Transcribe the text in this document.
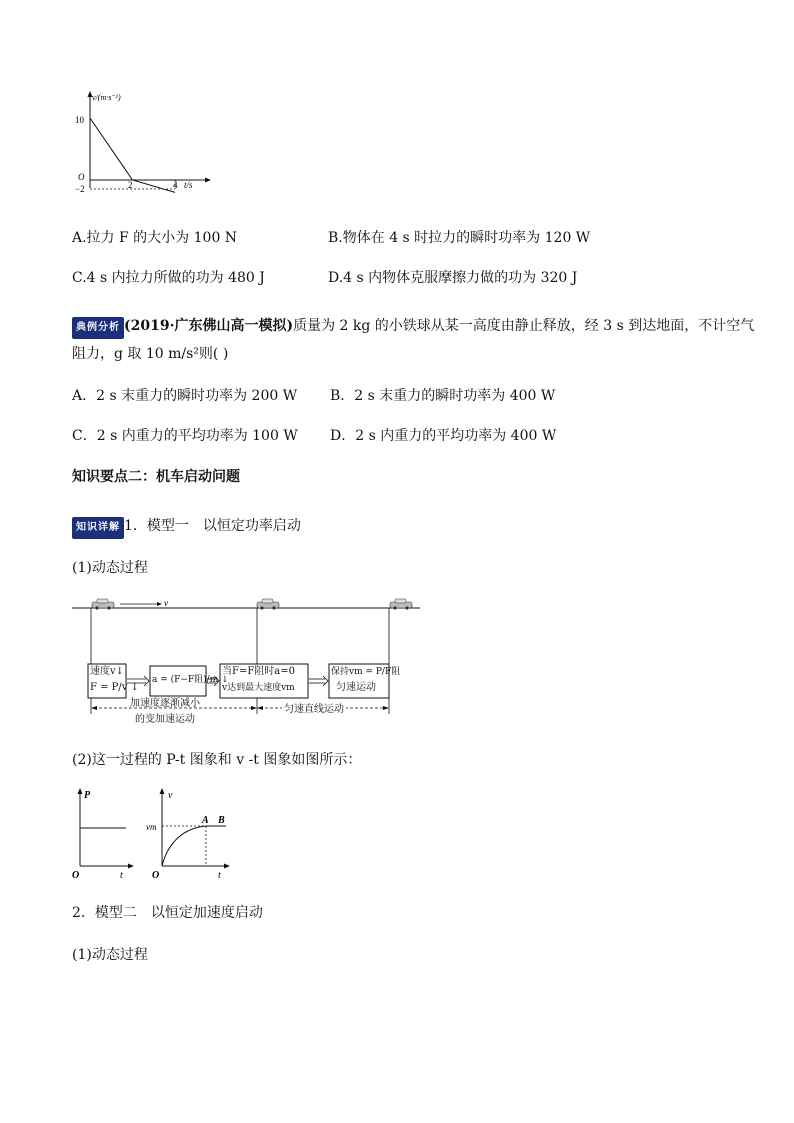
v/(m·s⁻¹)
10
O
−2	2	4 t/s
A.拉力 F 的大小为 100 N	B.物体在 4 s 时拉力的瞬时功率为 120 W
C.4 s 内拉力所做的功为 480 J	D.4 s 内物体克服摩擦力做的功为 320 J
典例分析 (2019·广东佛山高一模拟)质量为 2 kg 的小铁球从某一高度由静止释放，经 3 s 到达地面，不计空气
阻力，g 取 10 m/s²则( )
A．2 s 末重力的瞬时功率为 200 W B．2 s 末重力的瞬时功率为 400 W
C．2 s 内重力的平均功率为 100 W D．2 s 内重力的平均功率为 400 W
知识要点二：机车启动问题
知识详解 1．模型一　以恒定功率启动
(1)动态过程
v
速度v↓
F = P/v ↓
a = (F−F阻)/m ↓
当F=F阻时a=0
v达到最大速度vm
保持vm = P/F阻
匀速运动
加速度逐渐减小
的变加速运动
匀速直线运动
(2)这一过程的 P-t 图象和 v -t 图象如图所示：
P
O	t
v
vm
A B
O	t
2．模型二　以恒定加速度启动
(1)动态过程
